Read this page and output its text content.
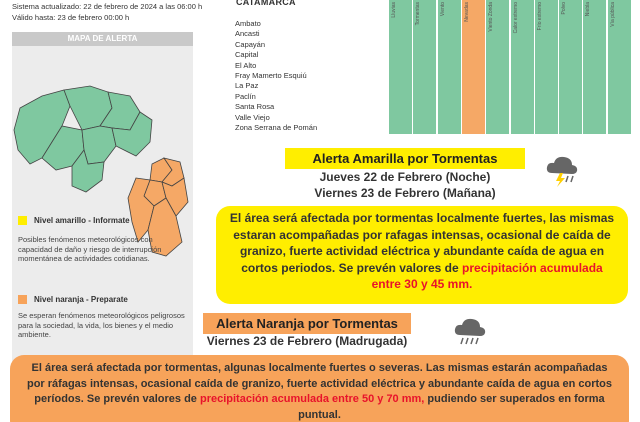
Sistema actualizado: 22 de febrero de 2024 a las 06:00 h
Válido hasta: 23 de febrero 00:00 h
MAPA DE ALERTA
Nivel amarillo - Informate
Posibles fenómenos meteorológicos con capacidad de daño y riesgo de interrupción momentánea de actividades cotidianas.
Nivel naranja - Preparate
Se esperan fenómenos meteorológicos peligrosos para la sociedad, la vida, los bienes y el medio ambiente.
CATAMARCA
Ambato
Ancasti
Capayán
Capital
El Alto
Fray Mamerto Esquiú
La Paz
Paclín
Santa Rosa
Valle Viejo
Zona Serrana de Pomán
Lluvias	Tormentas	Viento	Nevadas	Viento Zonda	Calor extremo	Frío extremo	Polvo	Niebla	Vía pública
Alerta Amarilla por Tormentas
Jueves 22 de Febrero (Noche)
Viernes 23 de Febrero (Mañana)
El área será afectada por tormentas localmente fuertes, las mismas estaran acompañadas por rafagas intensas, ocasional de caída de granizo, fuerte actividad eléctrica y abundante caída de agua en cortos periodos. Se prevén valores de precipitación acumulada entre 30 y 45 mm.
Alerta Naranja por Tormentas
Viernes 23 de Febrero (Madrugada)
El área será afectada por tormentas, algunas localmente fuertes o severas. Las mismas estarán acompañadas por ráfagas intensas, ocasional caída de granizo, fuerte actividad eléctrica y abundante caída de agua en cortos períodos. Se prevén valores de precipitación acumulada entre 50 y 70 mm, pudiendo ser superados en forma puntual.
